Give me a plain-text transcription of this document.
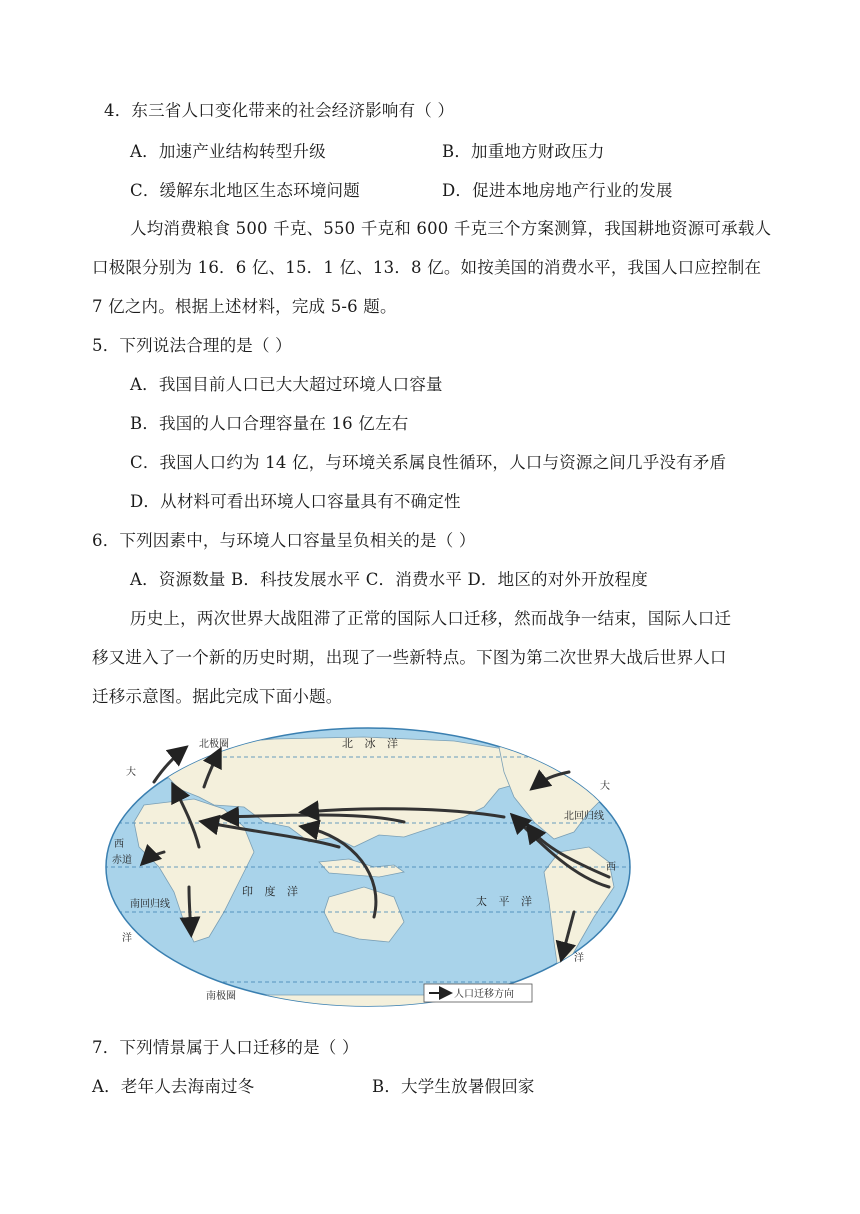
4．东三省人口变化带来的社会经济影响有（ ）
A．加速产业结构转型升级	B．加重地方财政压力
C．缓解东北地区生态环境问题	D．促进本地房地产行业的发展
人均消费粮食 500 千克、550 千克和 600 千克三个方案测算，我国耕地资源可承载人
口极限分别为 16．6 亿、15．1 亿、13．8 亿。如按美国的消费水平，我国人口应控制在
7 亿之内。根据上述材料，完成 5-6 题。
5．下列说法合理的是（ ）
A．我国目前人口已大大超过环境人口容量
B．我国的人口合理容量在 16 亿左右
C．我国人口约为 14 亿，与环境关系属良性循环，人口与资源之间几乎没有矛盾
D．从材料可看出环境人口容量具有不确定性
6．下列因素中，与环境人口容量呈负相关的是（ ）
A．资源数量 B．科技发展水平 C．消费水平 D．地区的对外开放程度
历史上，两次世界大战阻滞了正常的国际人口迁移，然而战争一结束，国际人口迁
移又进入了一个新的历史时期，出现了一些新特点。下图为第二次世界大战后世界人口
迁移示意图。据此完成下面小题。
北极圈	北 冰 洋
北回归线
赤道
南回归线
南极圈
印 度 洋
太 平 洋
大
西
洋
大
西
洋
人口迁移方向
7．下列情景属于人口迁移的是（ ）
A．老年人去海南过冬	B．大学生放暑假回家
